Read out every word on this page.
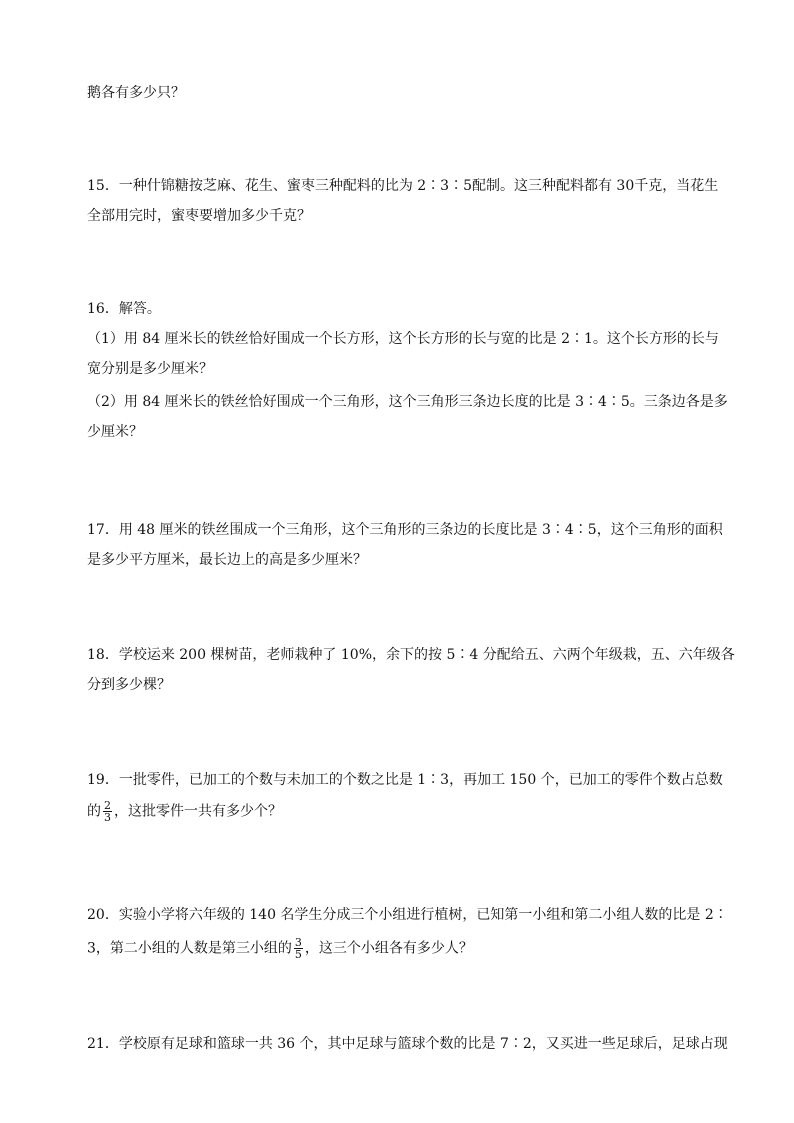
鹅各有多少只？
15．一种什锦糖按芝麻、花生、蜜枣三种配料的比为 2∶3∶5配制。这三种配料都有 30千克，当花生
全部用完时，蜜枣要增加多少千克？
16．解答。
（1）用 84 厘米长的铁丝恰好围成一个长方形，这个长方形的长与宽的比是 2∶1。这个长方形的长与
宽分别是多少厘米？
（2）用 84 厘米长的铁丝恰好围成一个三角形，这个三角形三条边长度的比是 3∶4∶5。三条边各是多
少厘米？
17．用 48 厘米的铁丝围成一个三角形，这个三角形的三条边的长度比是 3∶4∶5，这个三角形的面积
是多少平方厘米，最长边上的高是多少厘米？
18．学校运来 200 棵树苗，老师栽种了 10%，余下的按 5∶4 分配给五、六两个年级栽，五、六年级各
分到多少棵？
19．一批零件，已加工的个数与未加工的个数之比是 1∶3，再加工 150 个，已加工的零件个数占总数
的 $\frac{2}{3}$ ，这批零件一共有多少个？
20．实验小学将六年级的 140 名学生分成三个小组进行植树，已知第一小组和第二小组人数的比是 2∶
3，第二小组的人数是第三小组的 $\frac{3}{5}$ ，这三个小组各有多少人？
21．学校原有足球和篮球一共 36 个，其中足球与篮球个数的比是 7∶2，又买进一些足球后，足球占现
